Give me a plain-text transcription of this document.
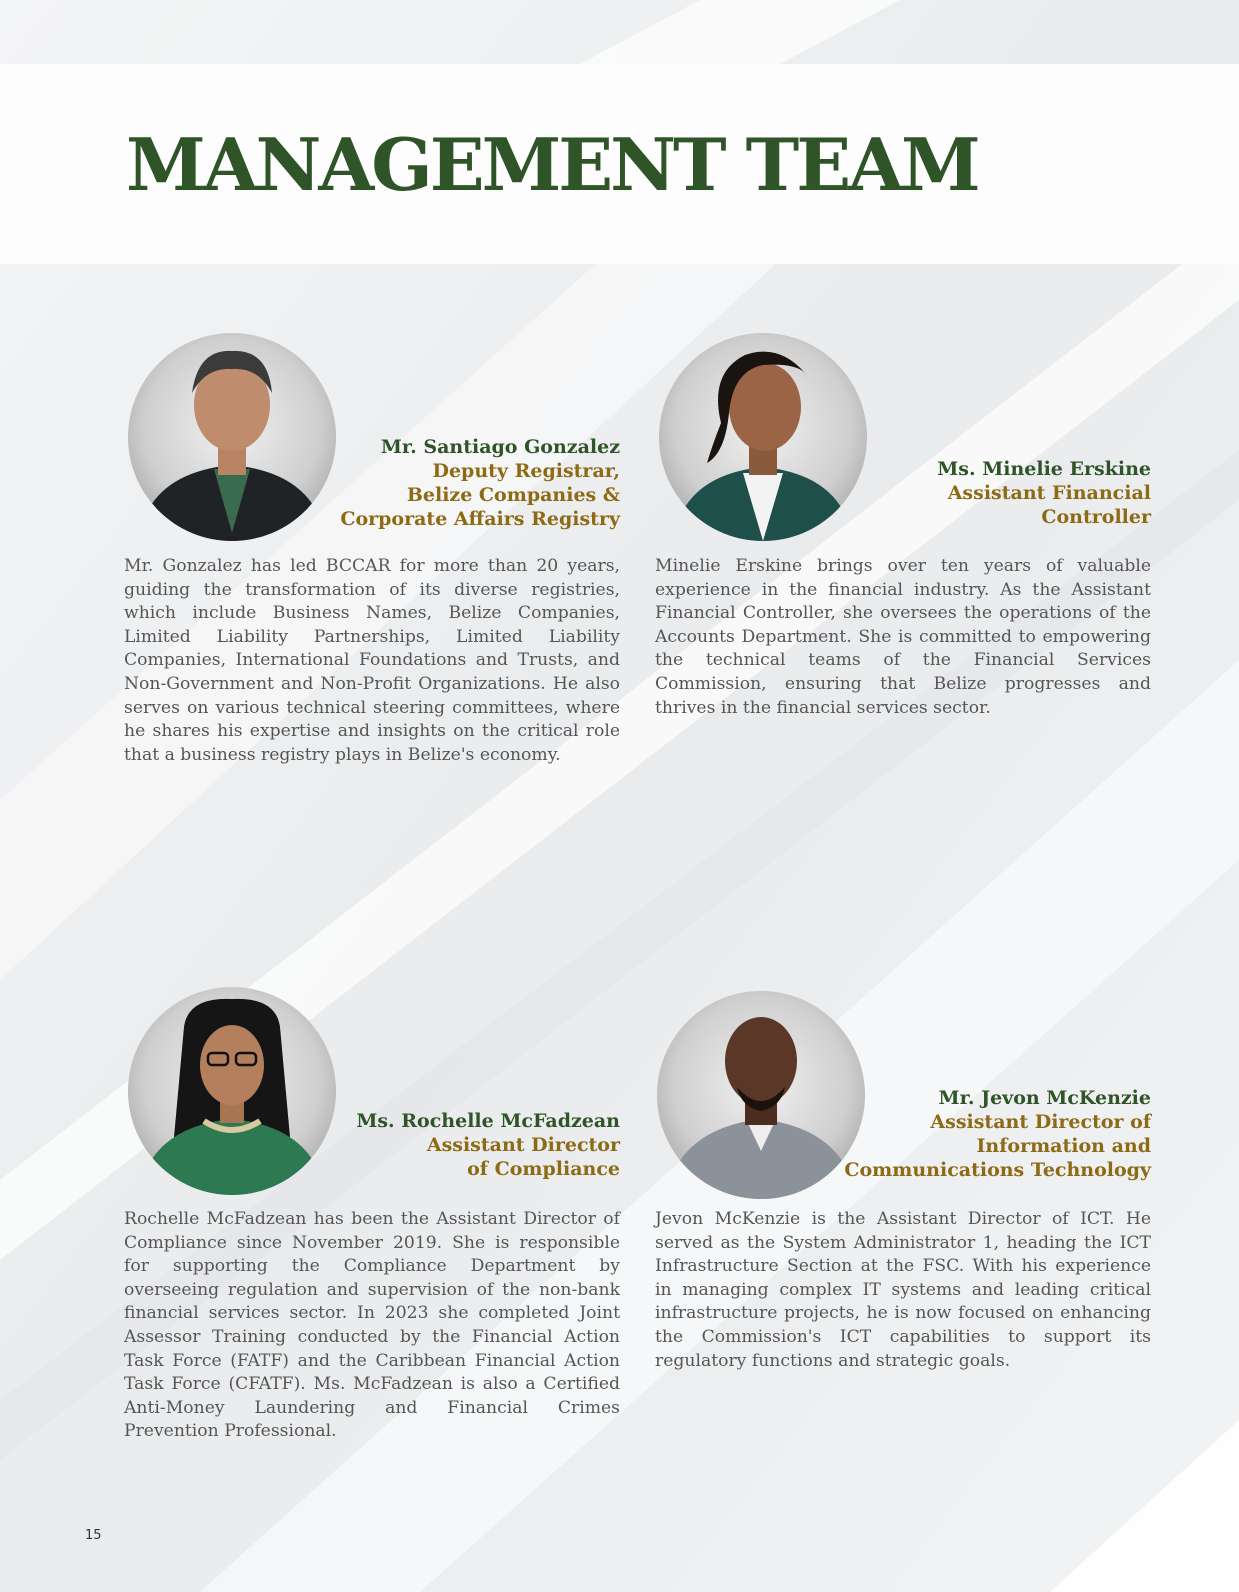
MANAGEMENT TEAM
Mr. Santiago Gonzalez
Deputy Registrar,
Belize Companies &
Corporate Affairs Registry

Mr. Gonzalez has led BCCAR for more than 20 years, guiding the transformation of its diverse registries, which include Business Names, Belize Companies, Limited Liability Partnerships, Limited Liability Companies, International Foundations and Trusts, and Non-Government and Non-Profit Organizations. He also serves on various technical steering committees, where he shares his expertise and insights on the critical role that a business registry plays in Belize's economy.

Ms. Minelie Erskine
Assistant Financial
Controller

Minelie Erskine brings over ten years of valuable experience in the financial industry. As the Assistant Financial Controller, she oversees the operations of the Accounts Department. She is committed to empowering the technical teams of the Financial Services Commission, ensuring that Belize progresses and thrives in the financial services sector.

Ms. Rochelle McFadzean
Assistant Director
of Compliance

Rochelle McFadzean has been the Assistant Director of Compliance since November 2019. She is responsible for supporting the Compliance Department by overseeing regulation and supervision of the non-bank financial services sector. In 2023 she completed Joint Assessor Training conducted by the Financial Action Task Force (FATF) and the Caribbean Financial Action Task Force (CFATF). Ms. McFadzean is also a Certified Anti-Money Laundering and Financial Crimes Prevention Professional.

Mr. Jevon McKenzie
Assistant Director of
Information and
Communications Technology

Jevon McKenzie is the Assistant Director of ICT. He served as the System Administrator 1, heading the ICT Infrastructure Section at the FSC. With his experience in managing complex IT systems and leading critical infrastructure projects, he is now focused on enhancing the Commission's ICT capabilities to support its regulatory functions and strategic goals.

15
